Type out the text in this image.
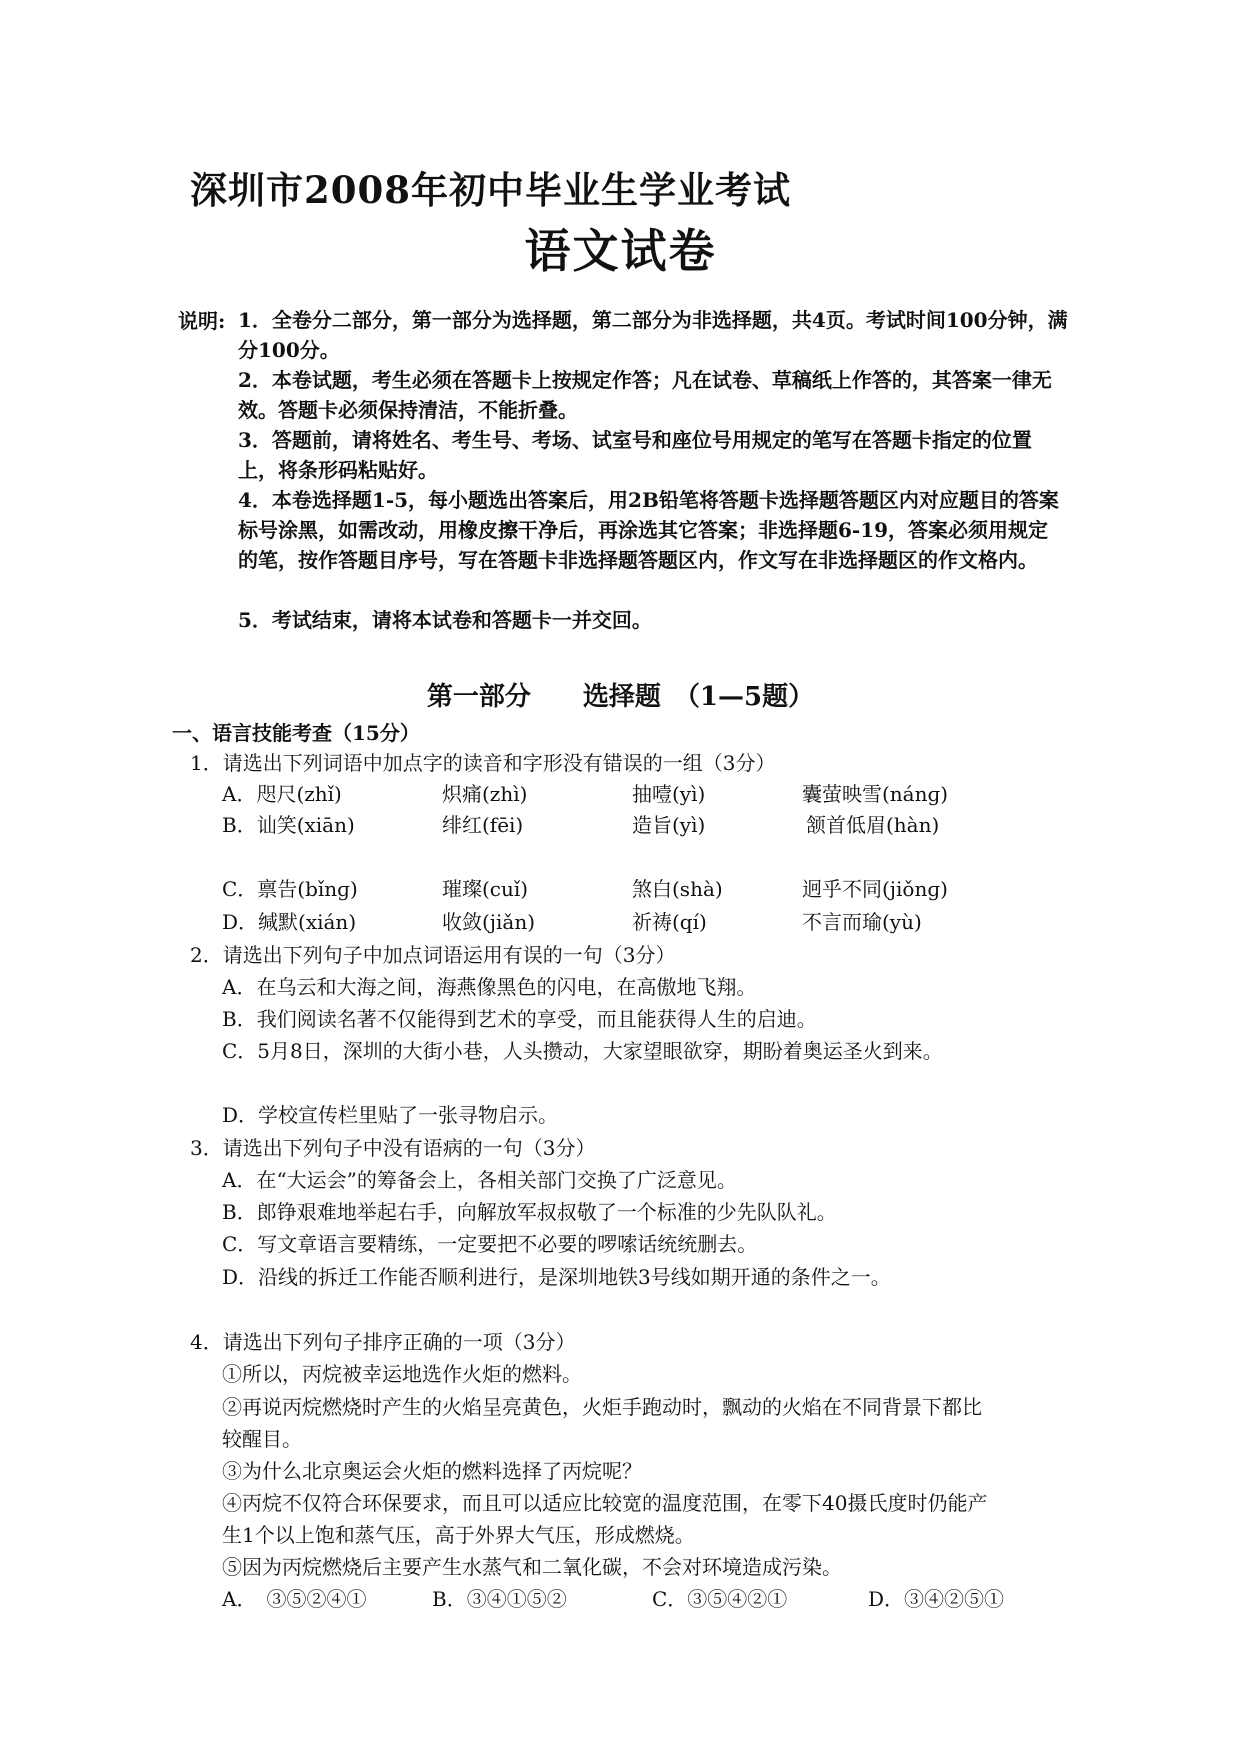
深圳市2008年初中毕业生学业考试
语文试卷
说明: 1．全卷分二部分，第一部分为选择题，第二部分为非选择题，共4页。考试时间100分钟，满分100分。
2．本卷试题，考生必须在答题卡上按规定作答；凡在试卷、草稿纸上作答的，其答案一律无效。答题卡必须保持清洁，不能折叠。
3．答题前，请将姓名、考生号、考场、试室号和座位号用规定的笔写在答题卡指定的位置上，将条形码粘贴好。
4．本卷选择题1-5，每小题选出答案后，用2B铅笔将答题卡选择题答题区内对应题目的答案标号涂黑，如需改动，用橡皮擦干净后，再涂选其它答案；非选择题6-19，答案必须用规定的笔，按作答题目序号，写在答题卡非选择题答题区内，作文写在非选择题区的作文格内。
5．考试结束，请将本试卷和答题卡一并交回。
第一部分　　选择题　（1—5题）
一、语言技能考查（15分）
1．请选出下列词语中加点字的读音和字形没有错误的一组（3分）
A．咫尺(zhǐ)	炽痛(zhì)	抽噎(yì)	囊萤映雪(nánɡ)
B．讪笑(xiān)	绯红(fēi)	造旨(yì)	颔首低眉(hàn)
C．禀告(bǐnɡ)	璀璨(cuǐ)	煞白(shà)	迥乎不同(jiǒnɡ)
D．缄默(xián)	收敛(jiǎn)	祈祷(qí)	不言而瑜(yù)
2．请选出下列句子中加点词语运用有误的一句（3分）
A．在乌云和大海之间，海燕像黑色的闪电，在高傲地飞翔。
B．我们阅读名著不仅能得到艺术的享受，而且能获得人生的启迪。
C．5月8日，深圳的大街小巷，人头攒动，大家望眼欲穿，期盼着奥运圣火到来。
D．学校宣传栏里贴了一张寻物启示。
3．请选出下列句子中没有语病的一句（3分）
A．在“大运会”的筹备会上，各相关部门交换了广泛意见。
B．郎铮艰难地举起右手，向解放军叔叔敬了一个标准的少先队队礼。
C．写文章语言要精练，一定要把不必要的啰嗦话统统删去。
D．沿线的拆迁工作能否顺利进行，是深圳地铁3号线如期开通的条件之一。
4．请选出下列句子排序正确的一项（3分）
①所以，丙烷被幸运地选作火炬的燃料。
②再说丙烷燃烧时产生的火焰呈亮黄色，火炬手跑动时，飘动的火焰在不同背景下都比
较醒目。
③为什么北京奥运会火炬的燃料选择了丙烷呢？
④丙烷不仅符合环保要求，而且可以适应比较宽的温度范围，在零下40摄氏度时仍能产
生1个以上饱和蒸气压，高于外界大气压，形成燃烧。
⑤因为丙烷燃烧后主要产生水蒸气和二氧化碳，不会对环境造成污染。
A．　③⑤②④①	B．③④①⑤②	C．③⑤④②①	D．③④②⑤①
